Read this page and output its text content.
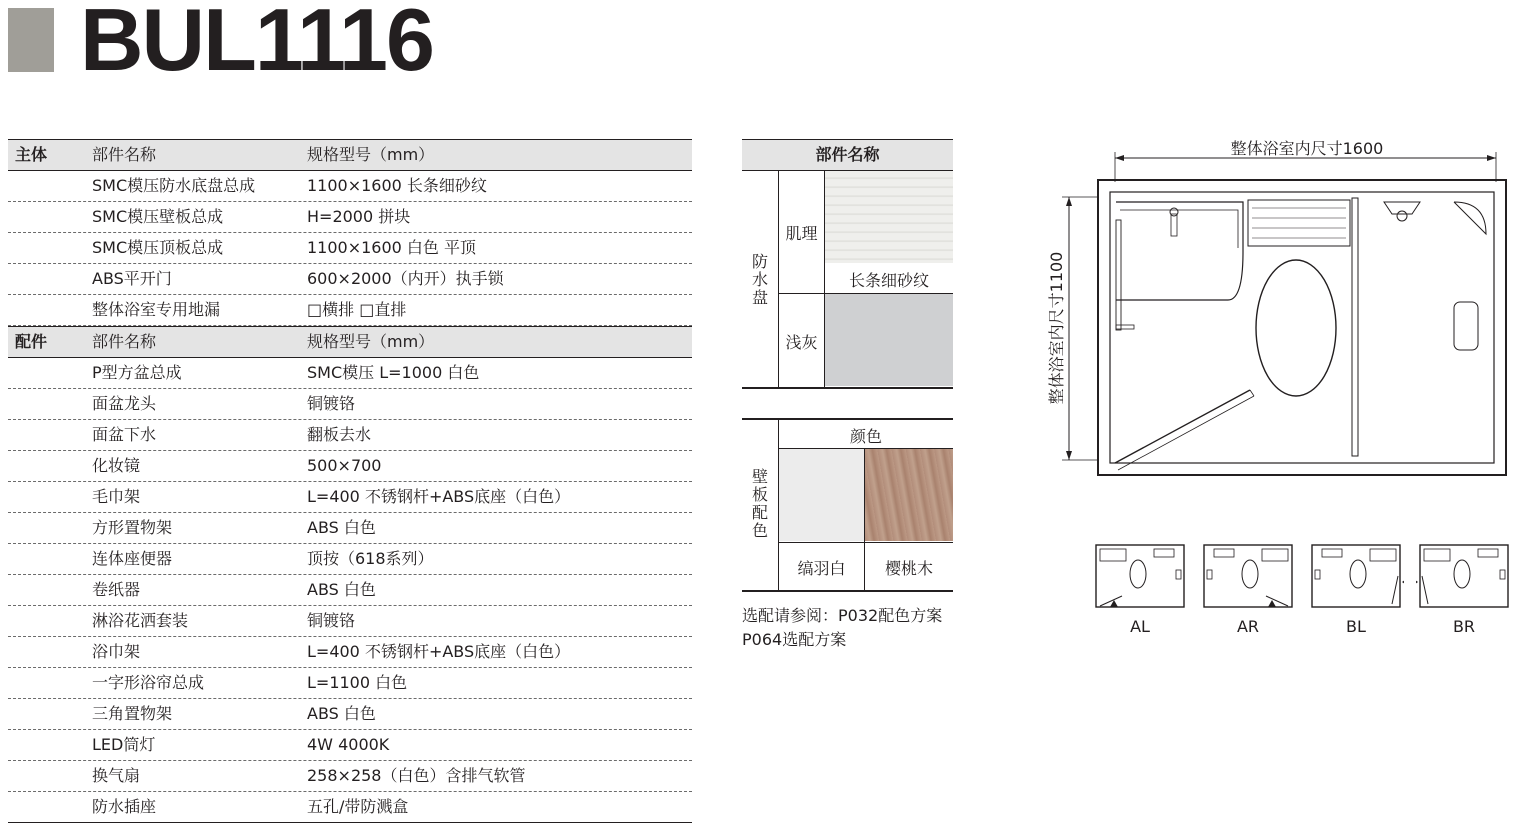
BUL1116
主体	部件名称	规格型号（mm）
SMC模压防水底盘总成	1100×1600 长条细砂纹
SMC模压壁板总成	H=2000 拼块
SMC模压顶板总成	1100×1600 白色 平顶
ABS平开门	600×2000（内开）执手锁
整体浴室专用地漏	□横排 □直排
配件	部件名称	规格型号（mm）
P型方盆总成	SMC模压 L=1000 白色
面盆龙头	铜镀铬
面盆下水	翻板去水
化妆镜	500×700
毛巾架	L=400 不锈钢杆+ABS底座（白色）
方形置物架	ABS 白色
连体座便器	顶按（618系列）
卷纸器	ABS 白色
淋浴花洒套装	铜镀铬
浴巾架	L=400 不锈钢杆+ABS底座（白色）
一字形浴帘总成	L=1100 白色
三角置物架	ABS 白色
LED筒灯	4W 4000K
换气扇	258×258（白色）含排气软管
防水插座	五孔/带防溅盒
部件名称
防
水
盘
肌理
长条细砂纹
浅灰
颜色
壁
板
配
色
缟羽白	樱桃木
选配请参阅：P032配色方案
P064选配方案
整体浴室内尺寸1600
整体浴室内尺寸1100
AL	AR	BL	BR
